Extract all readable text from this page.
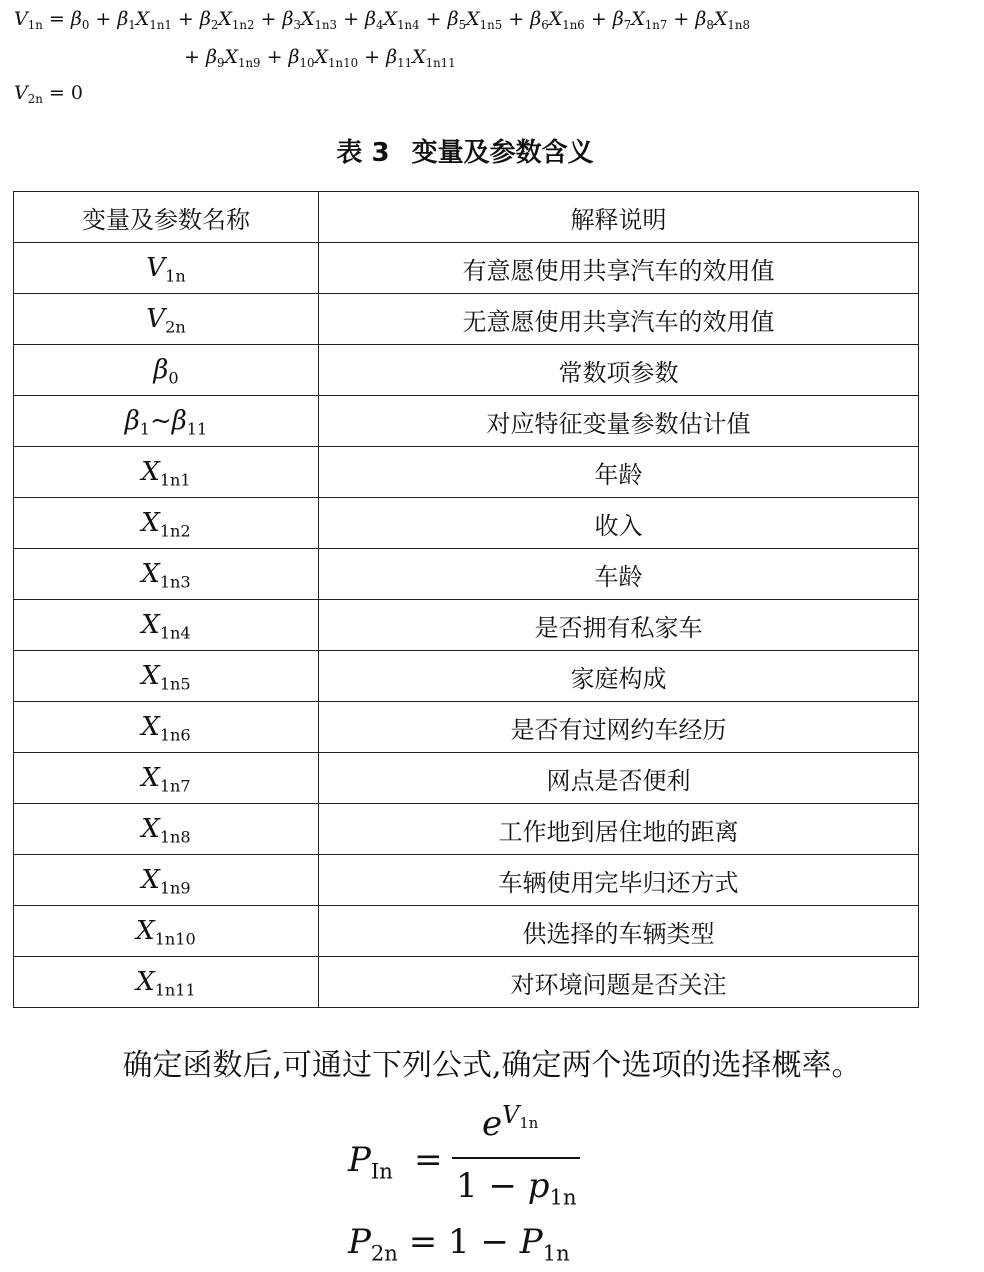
$V_{1n} = \beta_0 + \beta_1X_{1n1} + \beta_2X_{1n2} + \beta_3X_{1n3} + \beta_4X_{1n4} + \beta_5X_{1n5} + \beta_6X_{1n6} + \beta_7X_{1n7} + \beta_8X_{1n8}$
+ $\beta_9X_{1n9} + \beta_{10}X_{1n10} + \beta_{11}X_{1n11}$
$V_{2n} = 0$
表 3 变量及参数含义
变量及参数名称	解释说明
$V_{1n}$	有意愿使用共享汽车的效用值
$V_{2n}$	无意愿使用共享汽车的效用值
$\beta_0$	常数项参数
$\beta_1\sim\beta_{11}$	对应特征变量参数估计值
$X_{1n1}$	年龄
$X_{1n2}$	收入
$X_{1n3}$	车龄
$X_{1n4}$	是否拥有私家车
$X_{1n5}$	家庭构成
$X_{1n6}$	是否有过网约车经历
$X_{1n7}$	网点是否便利
$X_{1n8}$	工作地到居住地的距离
$X_{1n9}$	车辆使用完毕归还方式
$X_{1n10}$	供选择的车辆类型
$X_{1n11}$	对环境问题是否关注
确定函数后,可通过下列公式,确定两个选项的选择概率。
$P_{In}$ =
$e^{V_{1n}}$
$1 - p_{1n}$
$P_{2n} = 1 - P_{1n}$
